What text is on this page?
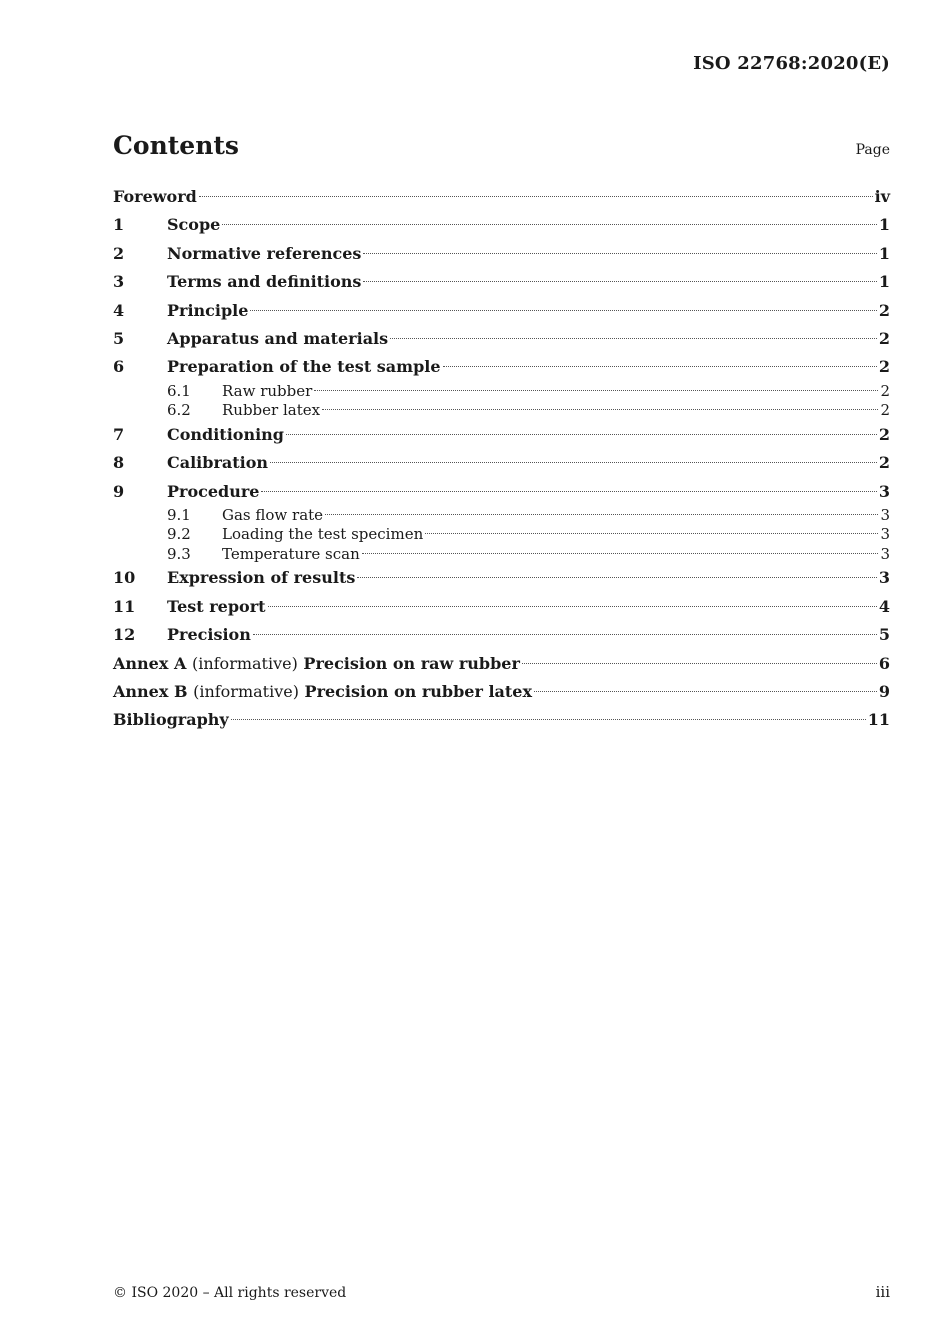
ISO 22768:2020(E)
Contents	Page
Foreword	iv
1	Scope	1
2	Normative references	1
3	Terms and definitions	1
4	Principle	2
5	Apparatus and materials	2
6	Preparation of the test sample	2
6.1	Raw rubber	2
6.2	Rubber latex	2
7	Conditioning	2
8	Calibration	2
9	Procedure	3
9.1	Gas flow rate	3
9.2	Loading the test specimen	3
9.3	Temperature scan	3
10	Expression of results	3
11	Test report	4
12	Precision	5
Annex A (informative) Precision on raw rubber	6
Annex B (informative) Precision on rubber latex	9
Bibliography	11
© ISO 2020 – All rights reserved	iii
